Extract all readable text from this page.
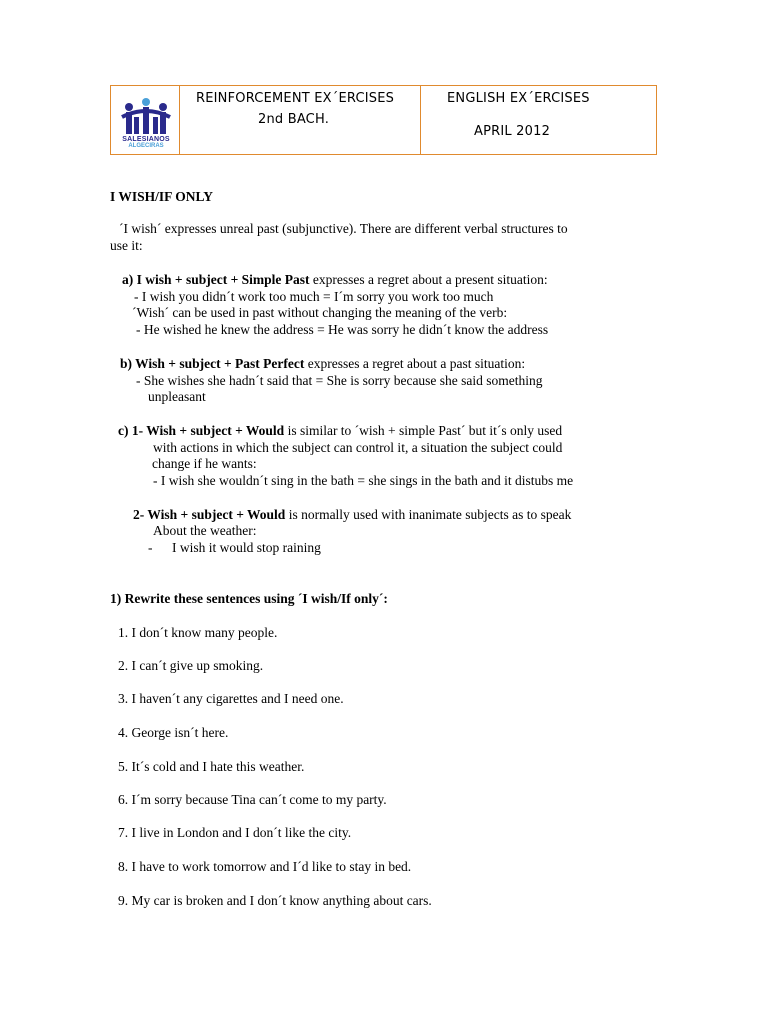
SALESIANOS
ALGECIRAS
REINFORCEMENT EX´ERCISES
2nd BACH.
ENGLISH EX´ERCISES
APRIL 2012
I WISH/IF ONLY
´I wish´ expresses unreal past (subjunctive). There are different verbal structures to
use it:
a) I wish + subject + Simple Past expresses a regret about a present situation:
- I wish you didn´t work too much = I´m sorry you work too much
´Wish´ can be used in past without changing the meaning of the verb:
- He wished he knew the address = He was sorry he didn´t know the address
b) Wish + subject + Past Perfect expresses a regret about a past situation:
- She wishes she hadn´t said that = She is sorry because she said something
unpleasant
c) 1- Wish + subject + Would is similar to ´wish + simple Past´ but it´s only used
with actions in which the subject can control it, a situation the subject could
change if he wants:
- I wish she wouldn´t sing in the bath = she sings in the bath and it distubs me
2- Wish + subject + Would is normally used with inanimate subjects as to speak
About the weather:
- I wish it would stop raining
1) Rewrite these sentences using ´I wish/If only´:
1. I don´t know many people.
2. I can´t give up smoking.
3. I haven´t any cigarettes and I need one.
4. George isn´t here.
5. It´s cold and I hate this weather.
6. I´m sorry because Tina can´t come to my party.
7. I live in London and I don´t like the city.
8. I have to work tomorrow and I´d like to stay in bed.
9. My car is broken and I don´t know anything about cars.
